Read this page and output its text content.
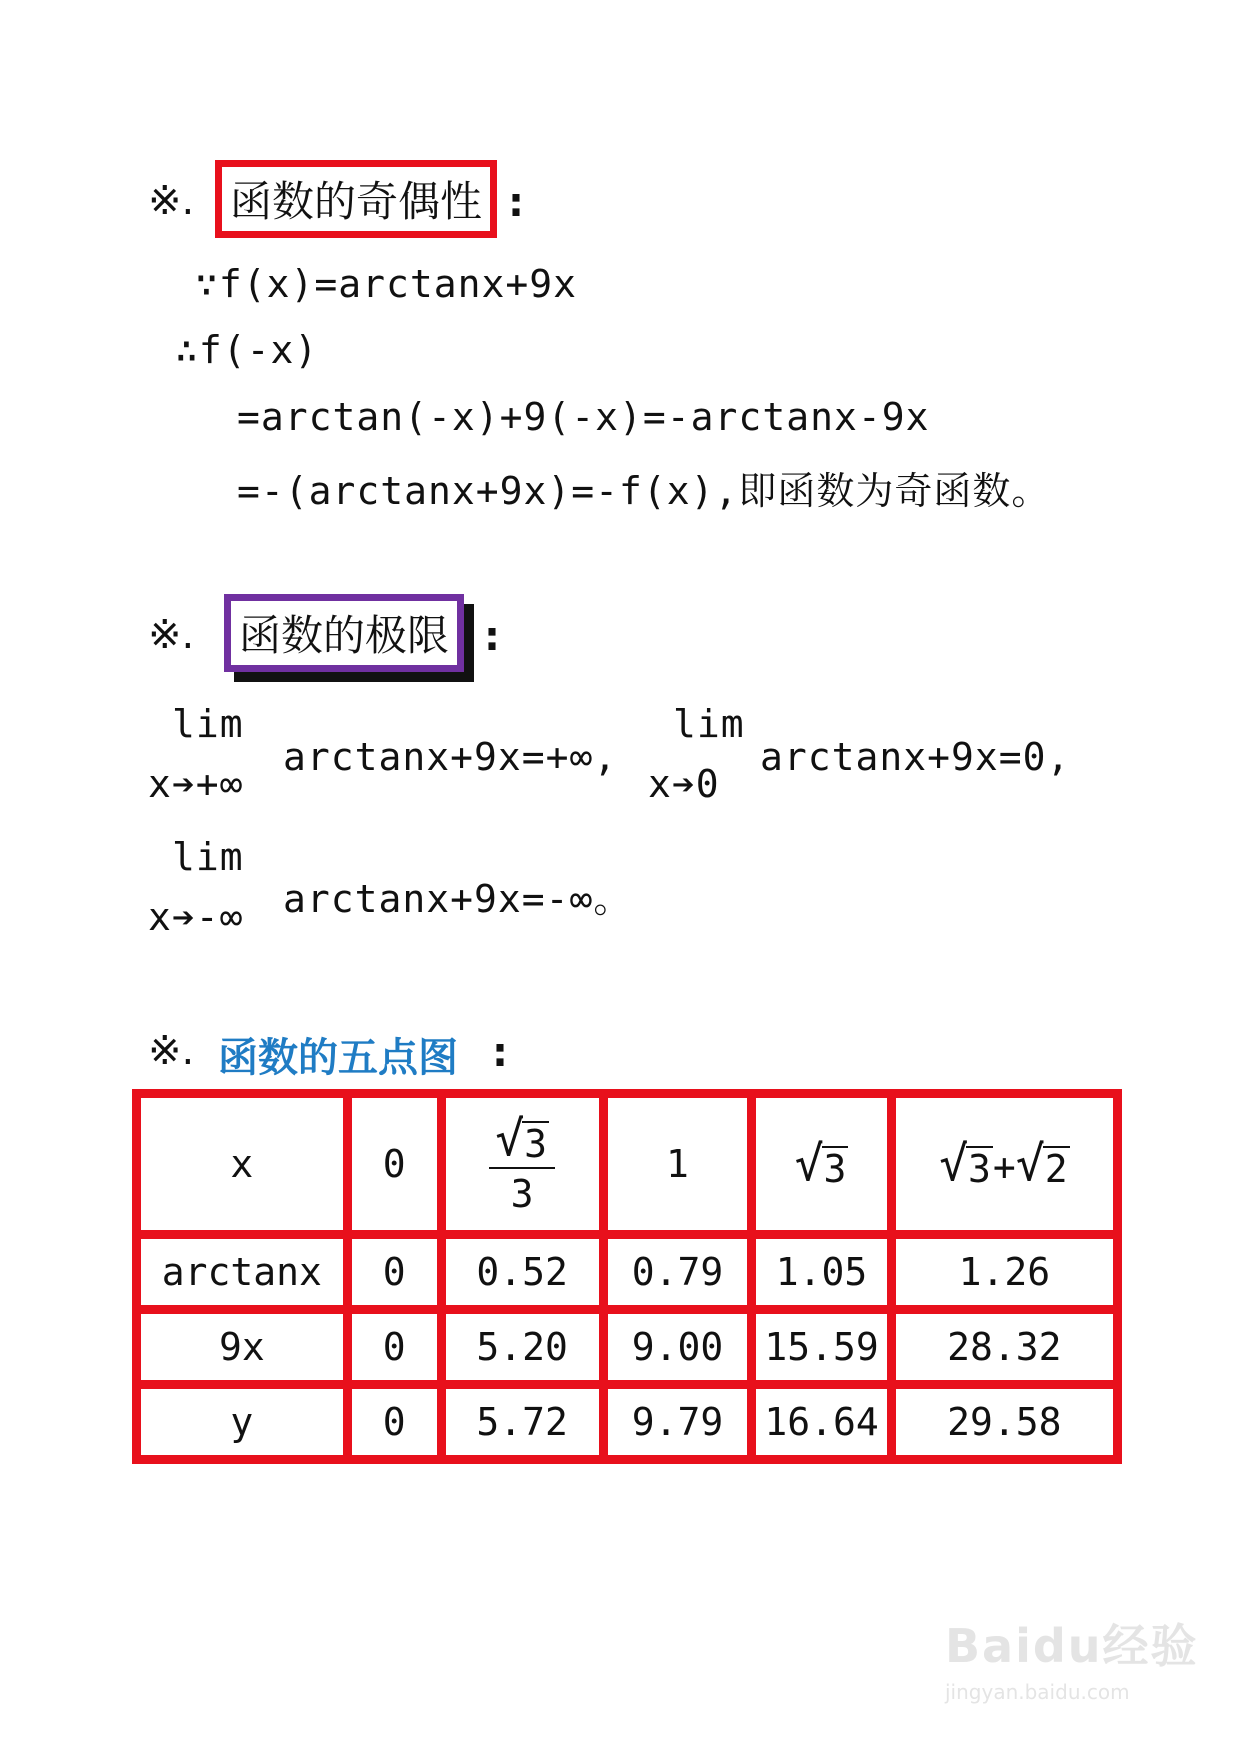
※. 函数的奇偶性 :
∵f(x)=arctanx+9x
∴f(-x)
=arctan(-x)+9(-x)=-arctanx-9x
=-(arctanx+9x)=-f(x),即函数为奇函数。
※.	函数的极限 :
lim
x➔+∞
arctanx+9x=+∞,
lim
x➔0
arctanx+9x=0,
lim
x➔-∞ arctanx+9x=-∞。
※. 函数的五点图 :
x	0	$\frac{√ 3}{3}$	1	√ 3	√ 3 + √ 2

arctanx	0	0.52	0.79	1.05	1.26
9x	0	5.20	9.00	15.59	28.32
y	0	5.72	9.79	16.64	29.58
Baidu经验
jingyan.baidu.com
